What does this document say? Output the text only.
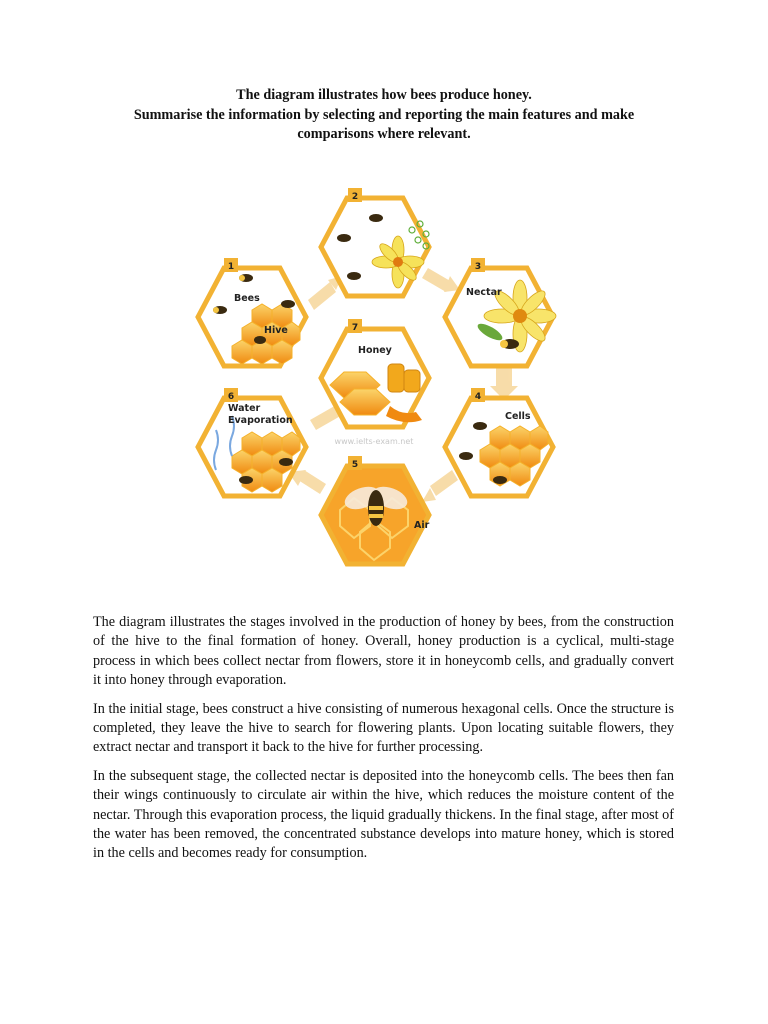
The diagram illustrates how bees produce honey.
Summarise the information by selecting and reporting the main features and make
comparisons where relevant.
1
Bees
Hive
2
3
Nectar
7
Honey
www.ielts-exam.net
6
Water
Evaporation
4
Cells
5
Air

The diagram illustrates the stages involved in the production of honey by bees, from the construction of the hive to the final formation of honey. Overall, honey production is a cyclical, multi-stage process in which bees collect nectar from flowers, store it in honeycomb cells, and gradually convert it into honey through evaporation.

In the initial stage, bees construct a hive consisting of numerous hexagonal cells. Once the structure is completed, they leave the hive to search for flowering plants. Upon locating suitable flowers, they extract nectar and transport it back to the hive for further processing.

In the subsequent stage, the collected nectar is deposited into the honeycomb cells. The bees then fan their wings continuously to circulate air within the hive, which reduces the moisture content of the nectar. Through this evaporation process, the liquid gradually thickens. In the final stage, after most of the water has been removed, the concentrated substance develops into mature honey, which is stored in the cells and becomes ready for consumption.
